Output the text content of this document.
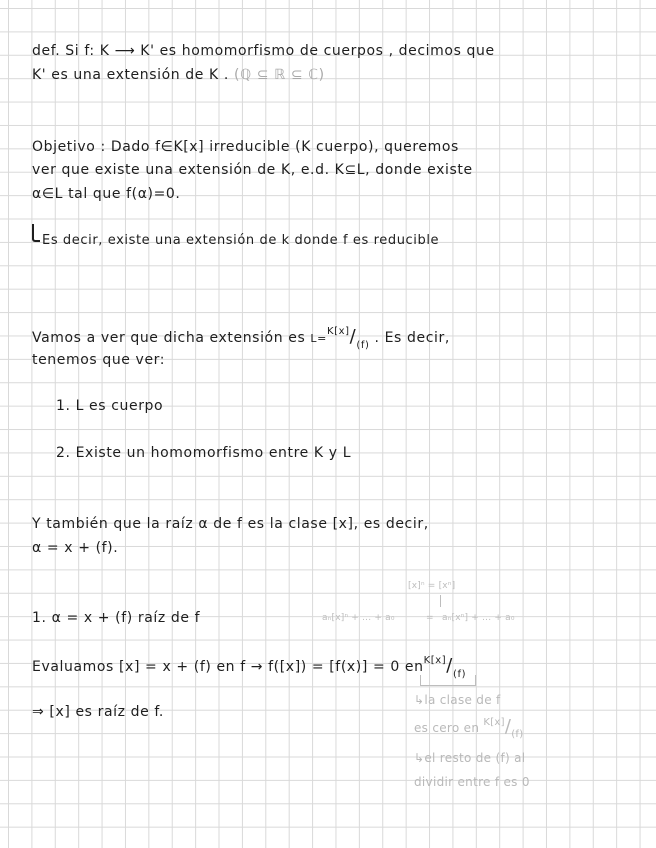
def. Si f: K ⟶ K' es homomorfismo de cuerpos , decimos que
K' es una extensión de K . (ℚ ⊆ ℝ ⊆ ℂ)
Objetivo : Dado f∈K[x] irreducible (K cuerpo), queremos
ver que existe una extensión de K, e.d. K⊆L, donde existe
α∈L tal que f(α)=0.
Es decir, existe una extensión de k donde f es reducible
Vamos a ver que dicha extensión es $L=^{K[x]}/_{(f)}$ . Es decir,
tenemos que ver:
1. L es cuerpo
2. Existe un homomorfismo entre K y L
Y también que la raíz α de f es la clase [x], es decir,
α = x + (f).
[x]ⁿ = [xⁿ]
1. α = x + (f) raíz de f	aₙ[x]ⁿ + ... + a₀	= aₙ[xⁿ] + ... + a₀
Evaluamos [x] = x + (f) en f → f([x]) = [f(x)] = 0 $en^{K[x]}/_{(f)}$
⇒ [x] es raíz de f.
↳la clase de f
es cero en $^{K[x]}/_{(f)}$
↳el resto de (f) al
dividir entre f es 0
